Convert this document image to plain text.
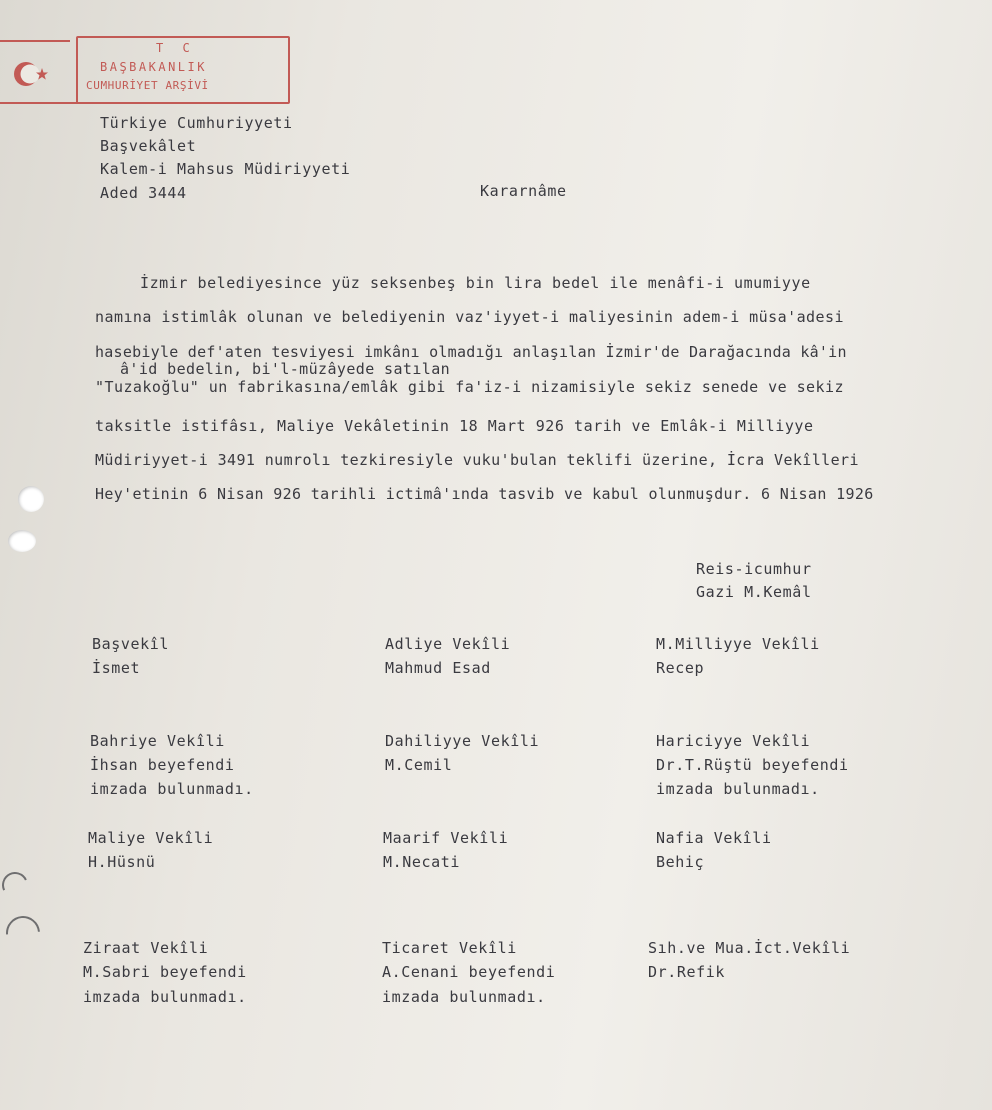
T C
BAŞBAKANLIK
CUMHURİYET ARŞİVİ
Türkiye Cumhuriyyeti
Başvekâlet
Kalem-i Mahsus Müdiriyyeti
Aded 3444	Kararnâme
İzmir belediyesince yüz seksenbeş bin lira bedel ile menâfi-i umumiyye
namına istimlâk olunan ve belediyenin vaz'iyyet-i maliyesinin adem-i müsa'adesi
hasebiyle def'aten tesviyesi imkânı olmadığı anlaşılan İzmir'de Darağacında kâ'in
â'id bedelin, bi'l-müzâyede satılan
"Tuzakoğlu" un fabrikasına/emlâk gibi fa'iz-i nizamisiyle sekiz senede ve sekiz
taksitle istifâsı, Maliye Vekâletinin 18 Mart 926 tarih ve Emlâk-i Milliyye
Müdiriyyet-i 3491 numrolı tezkiresiyle vuku'bulan teklifi üzerine, İcra Vekîlleri
Hey'etinin 6 Nisan 926 tarihli ictimâ'ında tasvib ve kabul olunmuşdur. 6 Nisan 1926
Reis-icumhur
Gazi M.Kemâl
Başvekîl
İsmet
Adliye Vekîli
Mahmud Esad
M.Milliyye Vekîli
Recep
Bahriye Vekîli
İhsan beyefendi
imzada bulunmadı.
Dahiliyye Vekîli
M.Cemil
Hariciyye Vekîli
Dr.T.Rüştü beyefendi
imzada bulunmadı.
Maliye Vekîli
H.Hüsnü
Maarif Vekîli
M.Necati
Nafia Vekîli
Behiç
Ziraat Vekîli
M.Sabri beyefendi
imzada bulunmadı.
Ticaret Vekîli
A.Cenani beyefendi
imzada bulunmadı.
Sıh.ve Mua.İct.Vekîli
Dr.Refik
